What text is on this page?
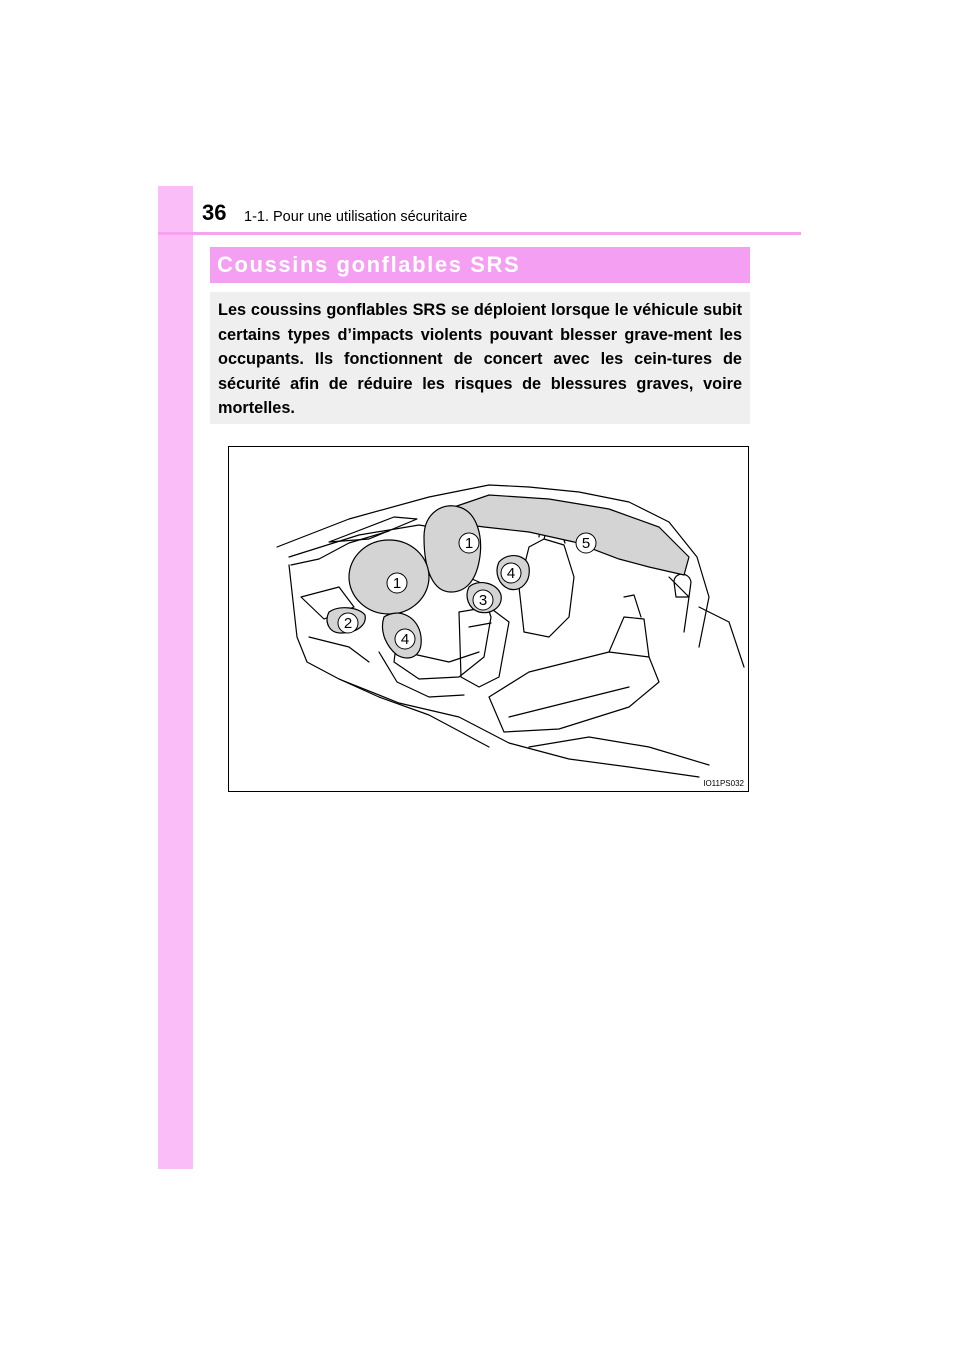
36 1-1. Pour une utilisation sécuritaire
Coussins gonflables SRS
Les coussins gonflables SRS se déploient lorsque le véhicule subit certains types d’impacts violents pouvant blesser grave-ment les occupants. Ils fonctionnent de concert avec les cein-tures de sécurité afin de réduire les risques de blessures graves, voire mortelles.
1
1
2
3
4
4
5
IO11PS032
